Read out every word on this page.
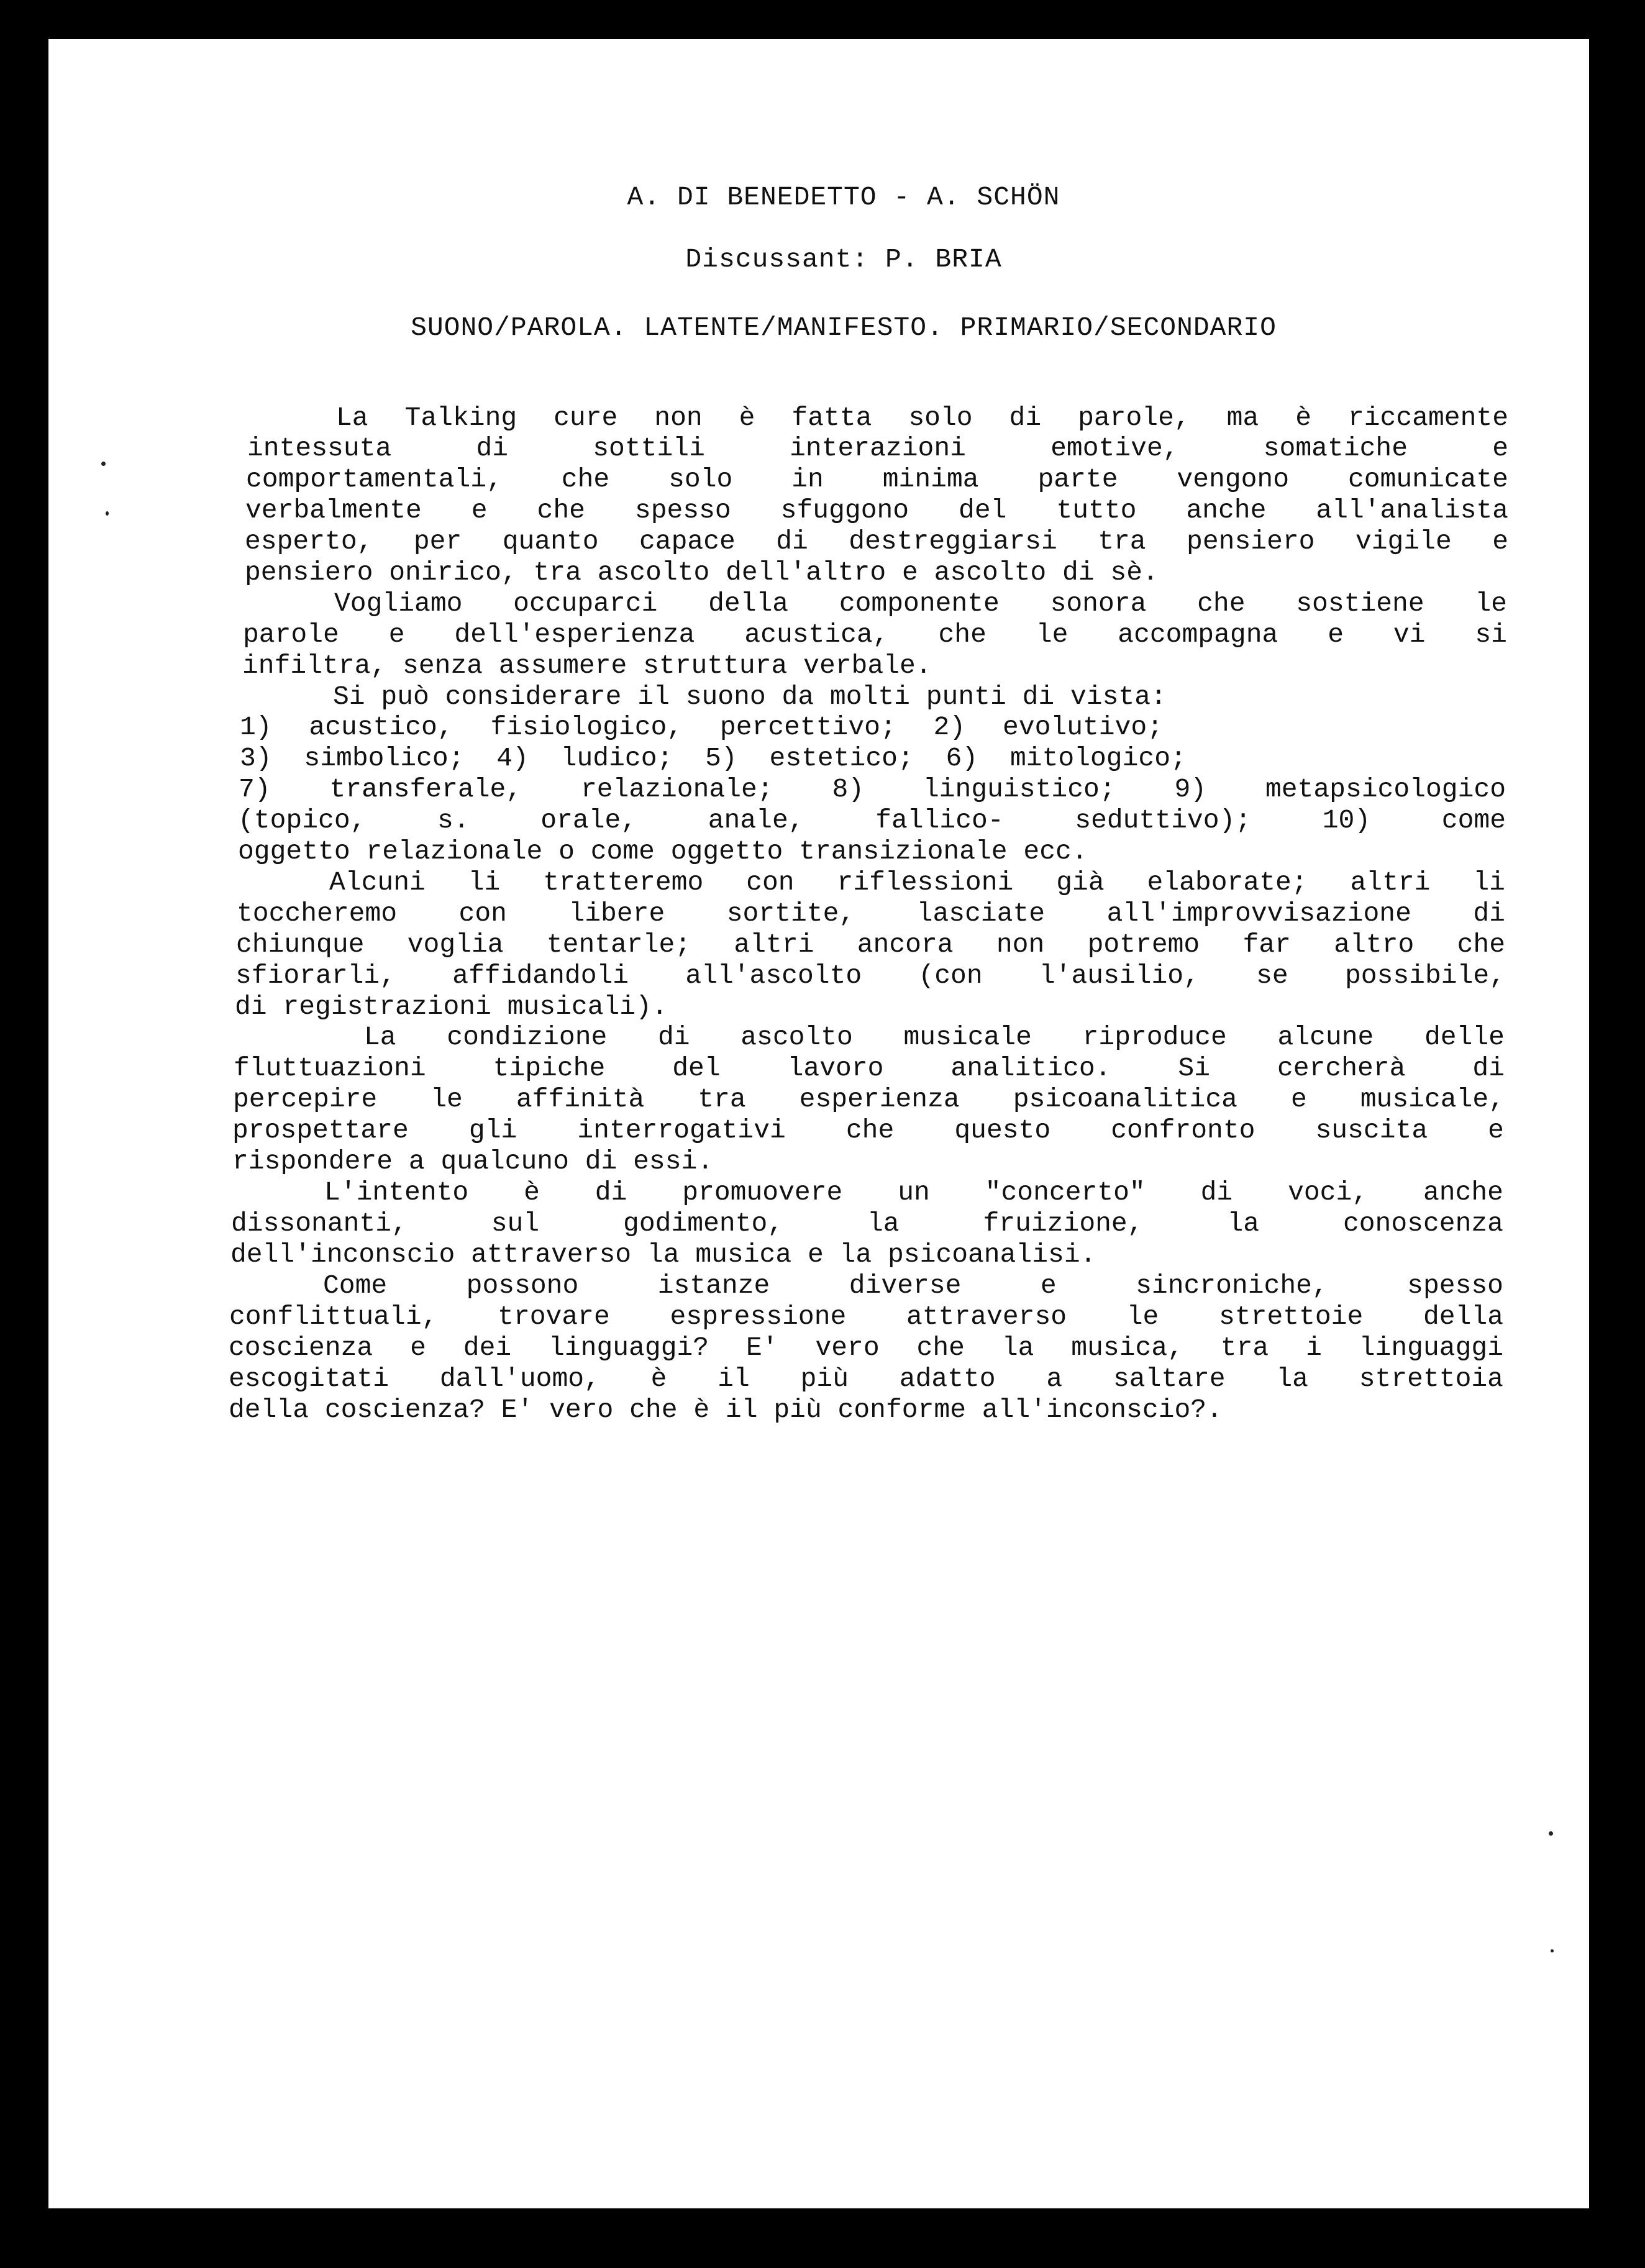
A. DI BENEDETTO - A. SCHÖN
Discussant: P. BRIA
SUONO/PAROLA. LATENTE/MANIFESTO. PRIMARIO/SECONDARIO
La Talking cure non è fatta solo di parole, ma è riccamente
intessuta di sottili interazioni emotive, somatiche e
comportamentali, che solo in minima parte vengono comunicate
verbalmente e che spesso sfuggono del tutto anche all'analista
esperto, per quanto capace di destreggiarsi tra pensiero vigile e
pensiero onirico, tra ascolto dell'altro e ascolto di sè.
Vogliamo occuparci della componente sonora che sostiene le
parole e dell'esperienza acustica, che le accompagna e vi si
infiltra, senza assumere struttura verbale.
Si può considerare il suono da molti punti di vista:
1) acustico, fisiologico, percettivo; 2) evolutivo;
3) simbolico; 4) ludico; 5) estetico; 6) mitologico;
7) transferale, relazionale; 8) linguistico; 9) metapsicologico
(topico, s. orale, anale, fallico- seduttivo); 10) come
oggetto relazionale o come oggetto transizionale ecc.
Alcuni li tratteremo con riflessioni già elaborate; altri li
toccheremo con libere sortite, lasciate all'improvvisazione di
chiunque voglia tentarle; altri ancora non potremo far altro che
sfiorarli, affidandoli all'ascolto (con l'ausilio, se possibile,
di registrazioni musicali).
La condizione di ascolto musicale riproduce alcune delle
fluttuazioni tipiche del lavoro analitico. Si cercherà di
percepire le affinità tra esperienza psicoanalitica e musicale,
prospettare gli interrogativi che questo confronto suscita e
rispondere a qualcuno di essi.
L'intento è di promuovere un "concerto" di voci, anche
dissonanti, sul godimento, la fruizione, la conoscenza
dell'inconscio attraverso la musica e la psicoanalisi.
Come possono istanze diverse e sincroniche, spesso
conflittuali, trovare espressione attraverso le strettoie della
coscienza e dei linguaggi? E' vero che la musica, tra i linguaggi
escogitati dall'uomo, è il più adatto a saltare la strettoia
della coscienza? E' vero che è il più conforme all'inconscio?.
